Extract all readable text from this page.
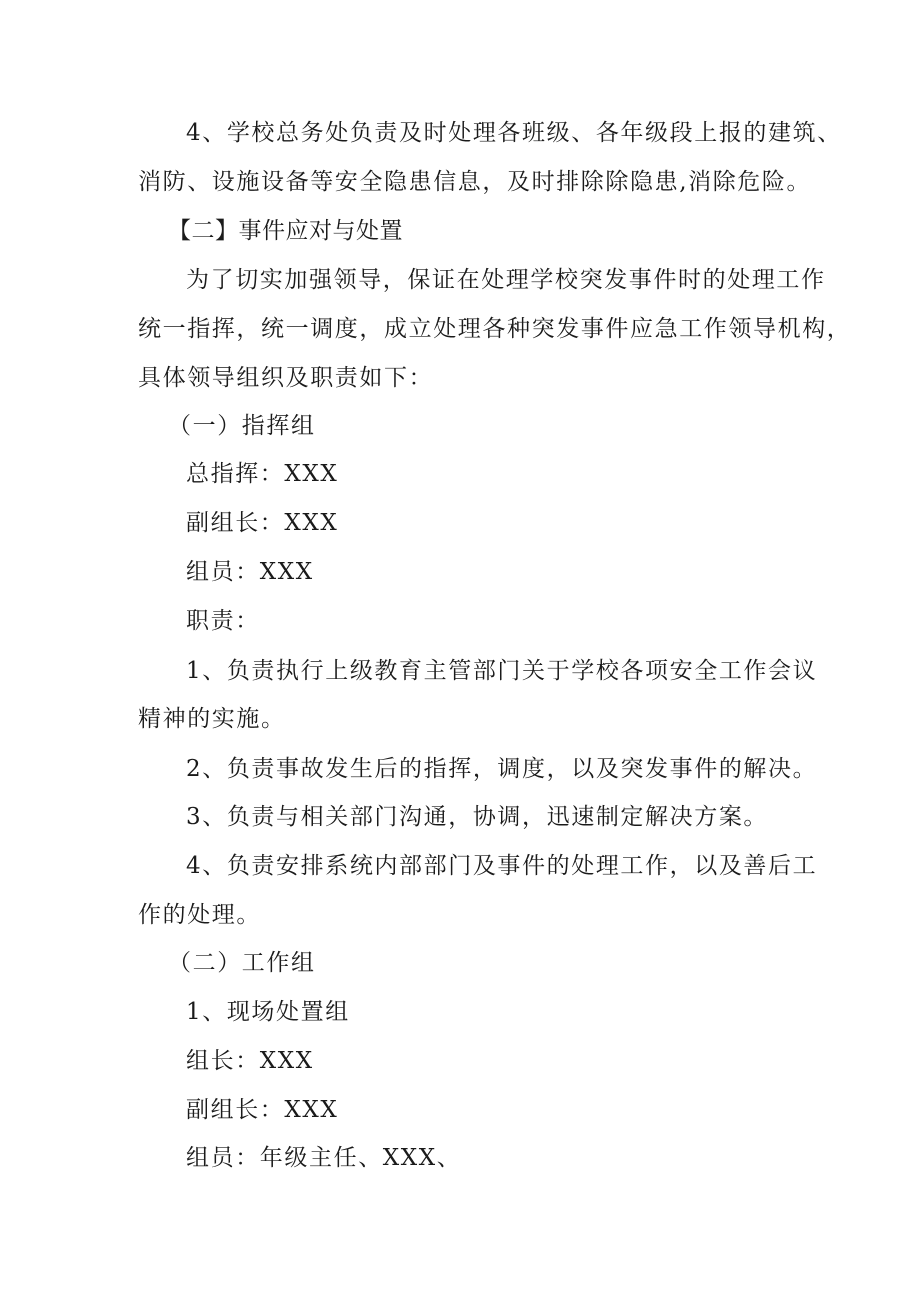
4、学校总务处负责及时处理各班级、各年级段上报的建筑、
消防、设施设备等安全隐患信息，及时排除除隐患,消除危险。
【二】事件应对与处置
为了切实加强领导，保证在处理学校突发事件时的处理工作
统一指挥，统一调度，成立处理各种突发事件应急工作领导机构，
具体领导组织及职责如下：
（一）指挥组
总指挥：XXX
副组长：XXX
组员：XXX
职责：
1、负责执行上级教育主管部门关于学校各项安全工作会议
精神的实施。
2、负责事故发生后的指挥，调度，以及突发事件的解决。
3、负责与相关部门沟通，协调，迅速制定解决方案。
4、负责安排系统内部部门及事件的处理工作，以及善后工
作的处理。
（二）工作组
1、现场处置组
组长：XXX
副组长：XXX
组员：年级主任、XXX、
